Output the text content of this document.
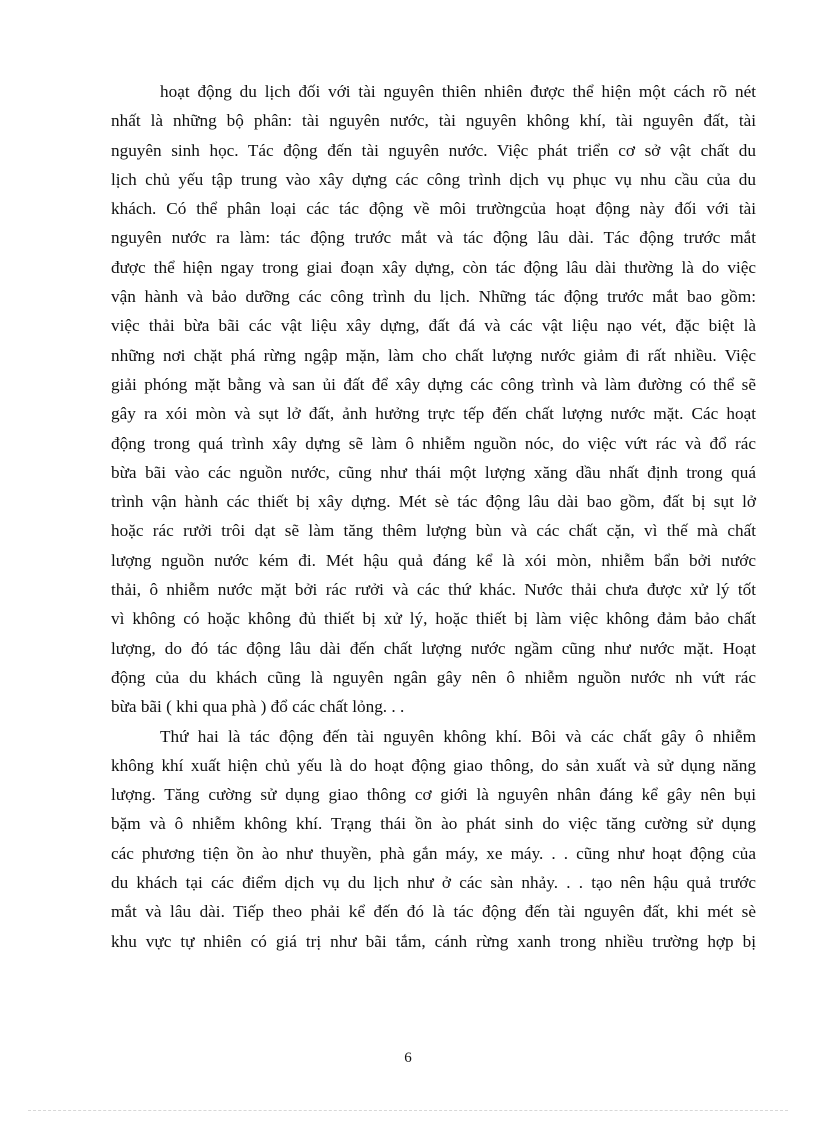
hoạt động du lịch đối với tài nguyên thiên nhiên được thể hiện một cách rõ nét
nhất là những bộ phân: tài nguyên nước, tài nguyên không khí, tài nguyên đất, tài
nguyên sinh học. Tác động đến tài nguyên nước. Việc phát triển cơ sở vật chất du
lịch chủ yếu tập trung vào xây dựng các công trình dịch vụ phục vụ nhu cầu của du
khách. Có thể phân loại các tác động về môi trườngcủa hoạt động này đối với tài
nguyên nước ra làm: tác động trước mắt và tác động lâu dài. Tác động trước mắt
được thể hiện ngay trong giai đoạn xây dựng, còn tác động lâu dài thường là do việc
vận hành và bảo dưỡng các công trình du lịch. Những tác động trước mắt bao gồm:
việc thải bừa bãi các vật liệu xây dựng, đất đá và các vật liệu nạo vét, đặc biệt là
những nơi chặt phá rừng ngập mặn, làm cho chất lượng nước giảm đi rất nhiều. Việc
giải phóng mặt bằng và san ủi đất để xây dựng các công trình và làm đường có thể sẽ
gây ra xói mòn và sụt lở đất, ảnh hưởng trực tếp đến chất lượng nước mặt. Các hoạt
động trong quá trình xây dựng sẽ làm ô nhiễm nguồn nóc, do việc vứt rác và đổ rác
bừa bãi vào các nguồn nước, cũng như thái một lượng xăng dầu nhất định trong quá
trình vận hành các thiết bị xây dựng. Mét sè tác động lâu dài bao gồm, đất bị sụt lở
hoặc rác rưởi trôi dạt sẽ làm tăng thêm lượng bùn và các chất cặn, vì thế mà chất
lượng nguồn nước kém đi. Mét hậu quả đáng kể là xói mòn, nhiễm bẩn bởi nước
thải, ô nhiễm nước mặt bởi rác rưởi và các thứ khác. Nước thải chưa được xử lý tốt
vì không có hoặc không đủ thiết bị xử lý, hoặc thiết bị làm việc không đảm bảo chất
lượng, do đó tác động lâu dài đến chất lượng nước ngầm cũng như nước mặt. Hoạt
động của du khách cũng là nguyên ngân gây nên ô nhiễm nguồn nước nh vứt rác
bừa bãi ( khi qua phà ) đổ các chất lỏng. . .
Thứ hai là tác động đến tài nguyên không khí. Bôi và các chất gây ô nhiễm
không khí xuất hiện chủ yếu là do hoạt động giao thông, do sản xuất và sử dụng năng
lượng. Tăng cường sử dụng giao thông cơ giới là nguyên nhân đáng kể gây nên bụi
bặm và ô nhiễm không khí. Trạng thái ồn ào phát sinh do việc tăng cường sử dụng
các phương tiện ồn ào như thuyền, phà gắn máy, xe máy. . . cũng như hoạt động của
du khách tại các điểm dịch vụ du lịch như ở các sàn nhảy. . . tạo nên hậu quả trước
mắt và lâu dài. Tiếp theo phải kể đến đó là tác động đến tài nguyên đất, khi mét sè
khu vực tự nhiên có giá trị như bãi tắm, cánh rừng xanh trong nhiều trường hợp bị
6
